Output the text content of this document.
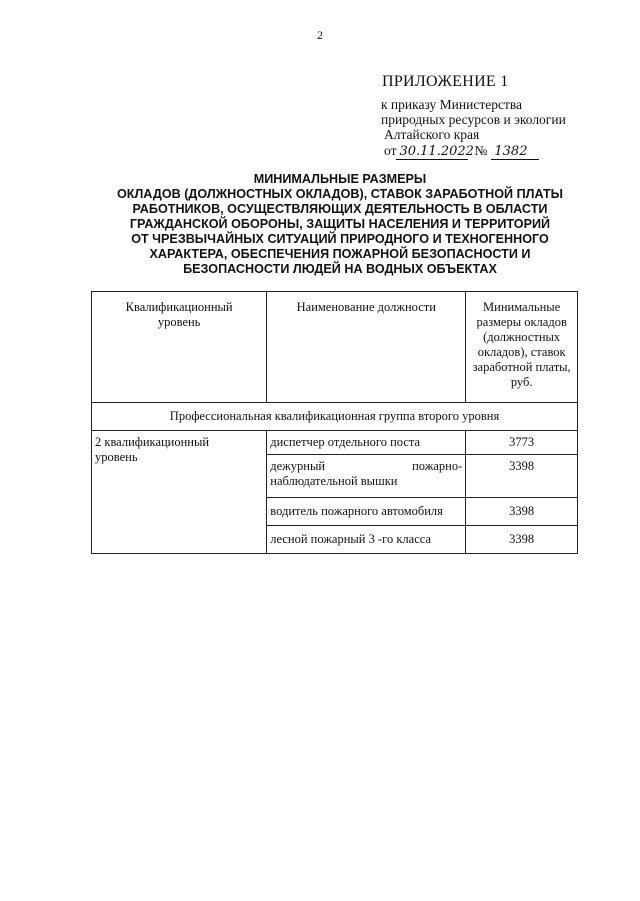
2
ПРИЛОЖЕНИЕ 1
к приказу Министерства
природных ресурсов и экологии
Алтайского края
от 30.11.2022 № 1382
МИНИМАЛЬНЫЕ РАЗМЕРЫ
ОКЛАДОВ (ДОЛЖНОСТНЫХ ОКЛАДОВ), СТАВОК ЗАРАБОТНОЙ ПЛАТЫ
РАБОТНИКОВ, ОСУЩЕСТВЛЯЮЩИХ ДЕЯТЕЛЬНОСТЬ В ОБЛАСТИ
ГРАЖДАНСКОЙ ОБОРОНЫ, ЗАЩИТЫ НАСЕЛЕНИЯ И ТЕРРИТОРИЙ
ОТ ЧРЕЗВЫЧАЙНЫХ СИТУАЦИЙ ПРИРОДНОГО И ТЕХНОГЕННОГО
ХАРАКТЕРА, ОБЕСПЕЧЕНИЯ ПОЖАРНОЙ БЕЗОПАСНОСТИ И
БЕЗОПАСНОСТИ ЛЮДЕЙ НА ВОДНЫХ ОБЪЕКТАХ
Квалификационный уровень	Наименование должности	Минимальные размеры окладов (должностных окладов), ставок заработной платы, руб.
Профессиональная квалификационная группа второго уровня		
2 квалификационный уровень	диспетчер отдельного поста	3773
	дежурный пожарно-наблюдательной вышки	3398
	водитель пожарного автомобиля	3398
	лесной пожарный 3 -го класса	3398
